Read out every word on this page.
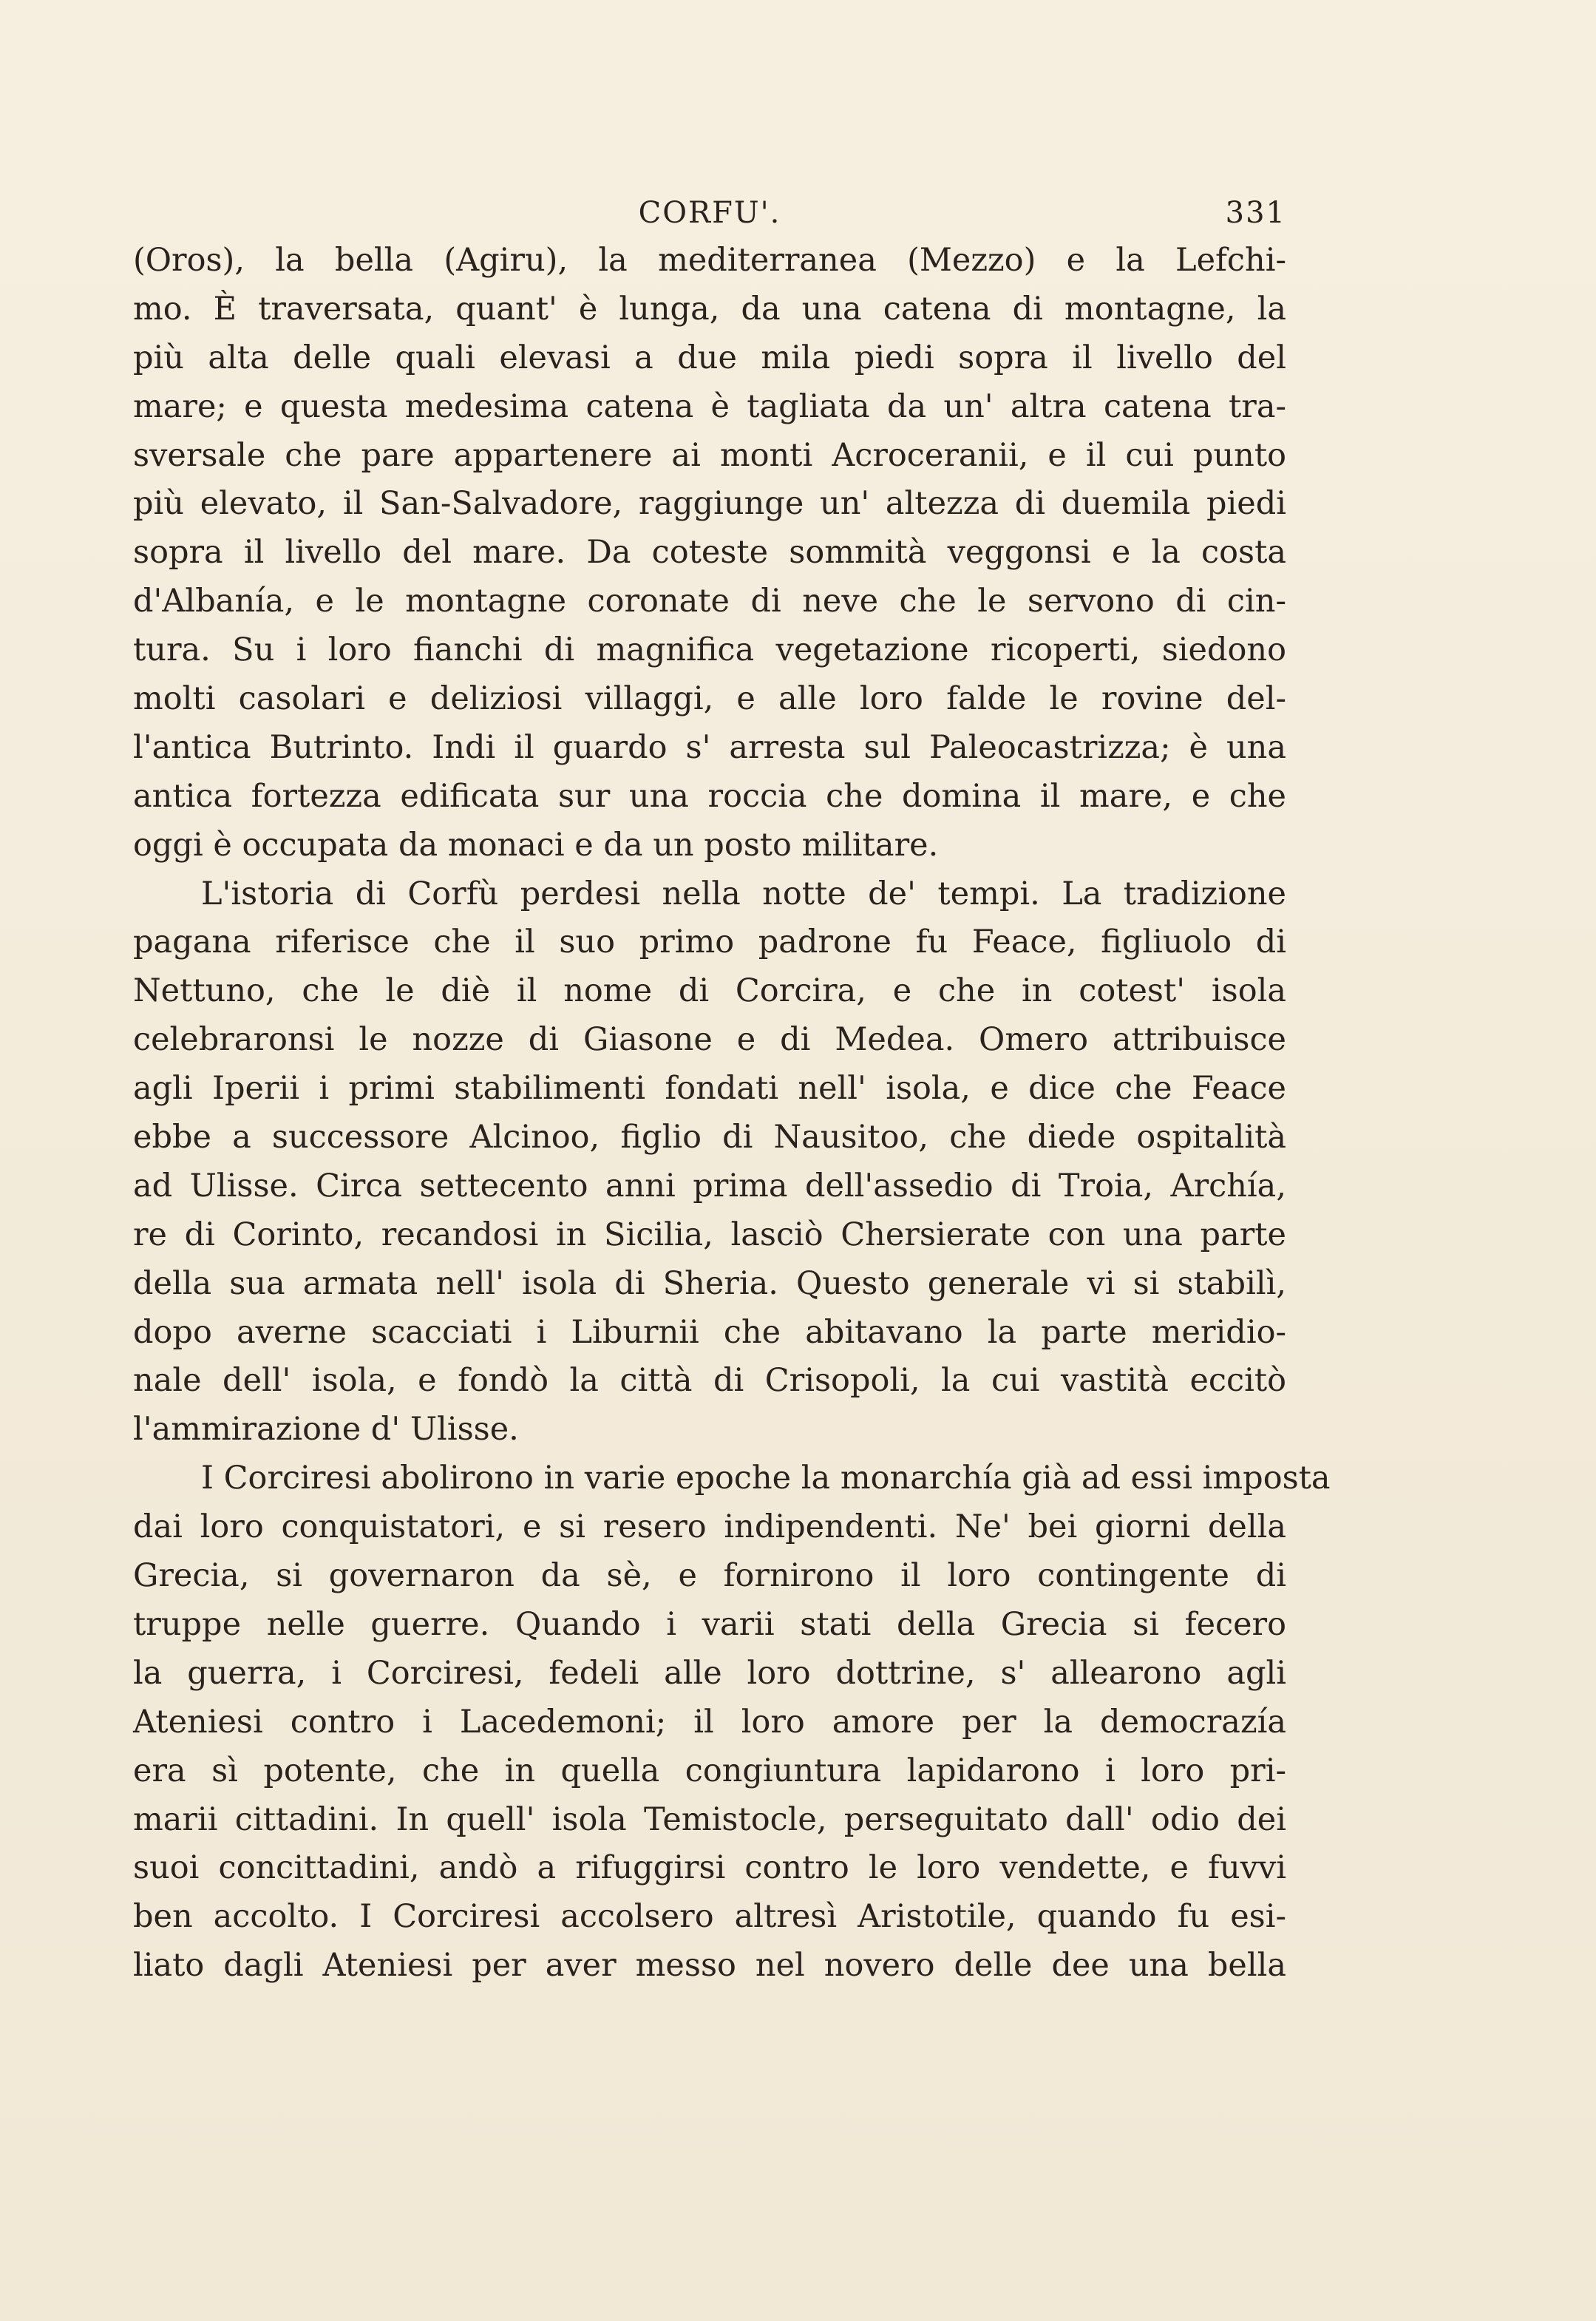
CORFU'.	331
(Oros), la bella (Agiru), la mediterranea (Mezzo) e la Lefchi-
mo. È traversata, quant' è lunga, da una catena di montagne, la
più alta delle quali elevasi a due mila piedi sopra il livello del
mare; e questa medesima catena è tagliata da un' altra catena tra-
sversale che pare appartenere ai monti Acroceranii, e il cui punto
più elevato, il San-Salvadore, raggiunge un' altezza di duemila piedi
sopra il livello del mare. Da coteste sommità veggonsi e la costa
d'Albanía, e le montagne coronate di neve che le servono di cin-
tura. Su i loro fianchi di magnifica vegetazione ricoperti, siedono
molti casolari e deliziosi villaggi, e alle loro falde le rovine del-
l'antica Butrinto. Indi il guardo s' arresta sul Paleocastrizza; è una
antica fortezza edificata sur una roccia che domina il mare, e che
oggi è occupata da monaci e da un posto militare.
L'istoria di Corfù perdesi nella notte de' tempi. La tradizione
pagana riferisce che il suo primo padrone fu Feace, figliuolo di
Nettuno, che le diè il nome di Corcira, e che in cotest' isola
celebraronsi le nozze di Giasone e di Medea. Omero attribuisce
agli Iperii i primi stabilimenti fondati nell' isola, e dice che Feace
ebbe a successore Alcinoo, figlio di Nausitoo, che diede ospitalità
ad Ulisse. Circa settecento anni prima dell'assedio di Troia, Archía,
re di Corinto, recandosi in Sicilia, lasciò Chersierate con una parte
della sua armata nell' isola di Sheria. Questo generale vi si stabilì,
dopo averne scacciati i Liburnii che abitavano la parte meridio-
nale dell' isola, e fondò la città di Crisopoli, la cui vastità eccitò
l'ammirazione d' Ulisse.
I Corciresi abolirono in varie epoche la monarchía già ad essi imposta
dai loro conquistatori, e si resero indipendenti. Ne' bei giorni della
Grecia, si governaron da sè, e fornirono il loro contingente di
truppe nelle guerre. Quando i varii stati della Grecia si fecero
la guerra, i Corciresi, fedeli alle loro dottrine, s' allearono agli
Ateniesi contro i Lacedemoni; il loro amore per la democrazía
era sì potente, che in quella congiuntura lapidarono i loro pri-
marii cittadini. In quell' isola Temistocle, perseguitato dall' odio dei
suoi concittadini, andò a rifuggirsi contro le loro vendette, e fuvvi
ben accolto. I Corciresi accolsero altresì Aristotile, quando fu esi-
liato dagli Ateniesi per aver messo nel novero delle dee una bella
